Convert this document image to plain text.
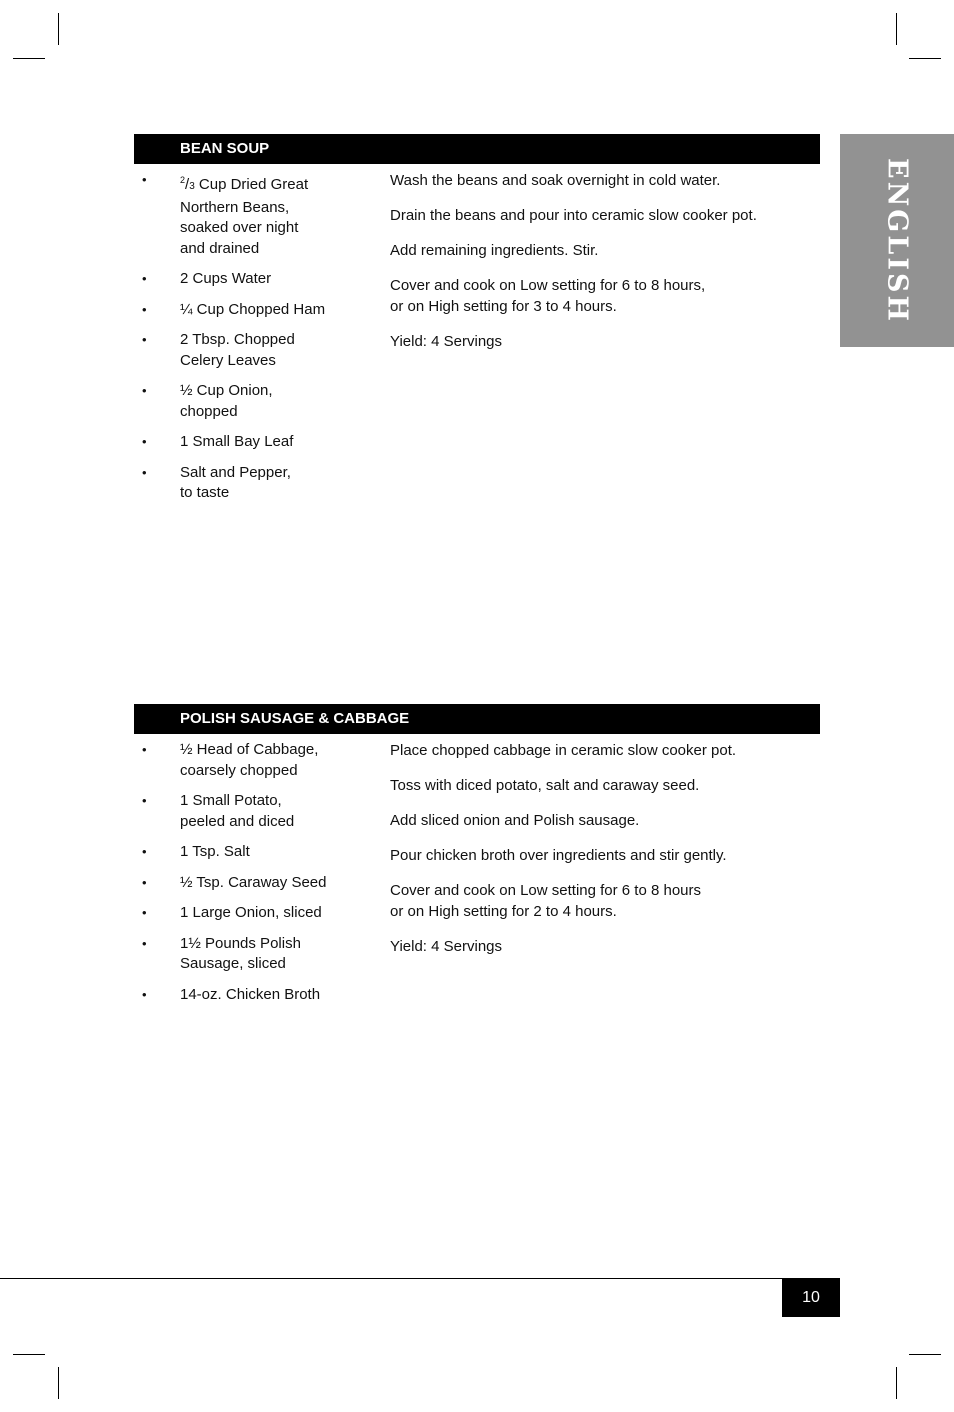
ENGLISH
BEAN SOUP
•	$^2$/3 Cup Dried Great
Northern Beans,
soaked over night
and drained
• 2 Cups Water
• ¼ Cup Chopped Ham
• 2 Tbsp. Chopped
Celery Leaves
• ½ Cup Onion,
chopped
• 1 Small Bay Leaf
• Salt and Pepper,
to taste

Wash the beans and soak overnight in cold water.

Drain the beans and pour into ceramic slow cooker pot.

Add remaining ingredients. Stir.

Cover and cook on Low setting for 6 to 8 hours,
or on High setting for 3 to 4 hours.

Yield: 4 Servings

POLISH SAUSAGE & CABBAGE
• ½ Head of Cabbage,
coarsely chopped
• 1 Small Potato,
peeled and diced
• 1 Tsp. Salt
• ½ Tsp. Caraway Seed
• 1 Large Onion, sliced
• 1½ Pounds Polish
Sausage, sliced
• 14-oz. Chicken Broth

Place chopped cabbage in ceramic slow cooker pot.

Toss with diced potato, salt and caraway seed.

Add sliced onion and Polish sausage.

Pour chicken broth over ingredients and stir gently.

Cover and cook on Low setting for 6 to 8 hours
or on High setting for 2 to 4 hours.

Yield: 4 Servings

10
